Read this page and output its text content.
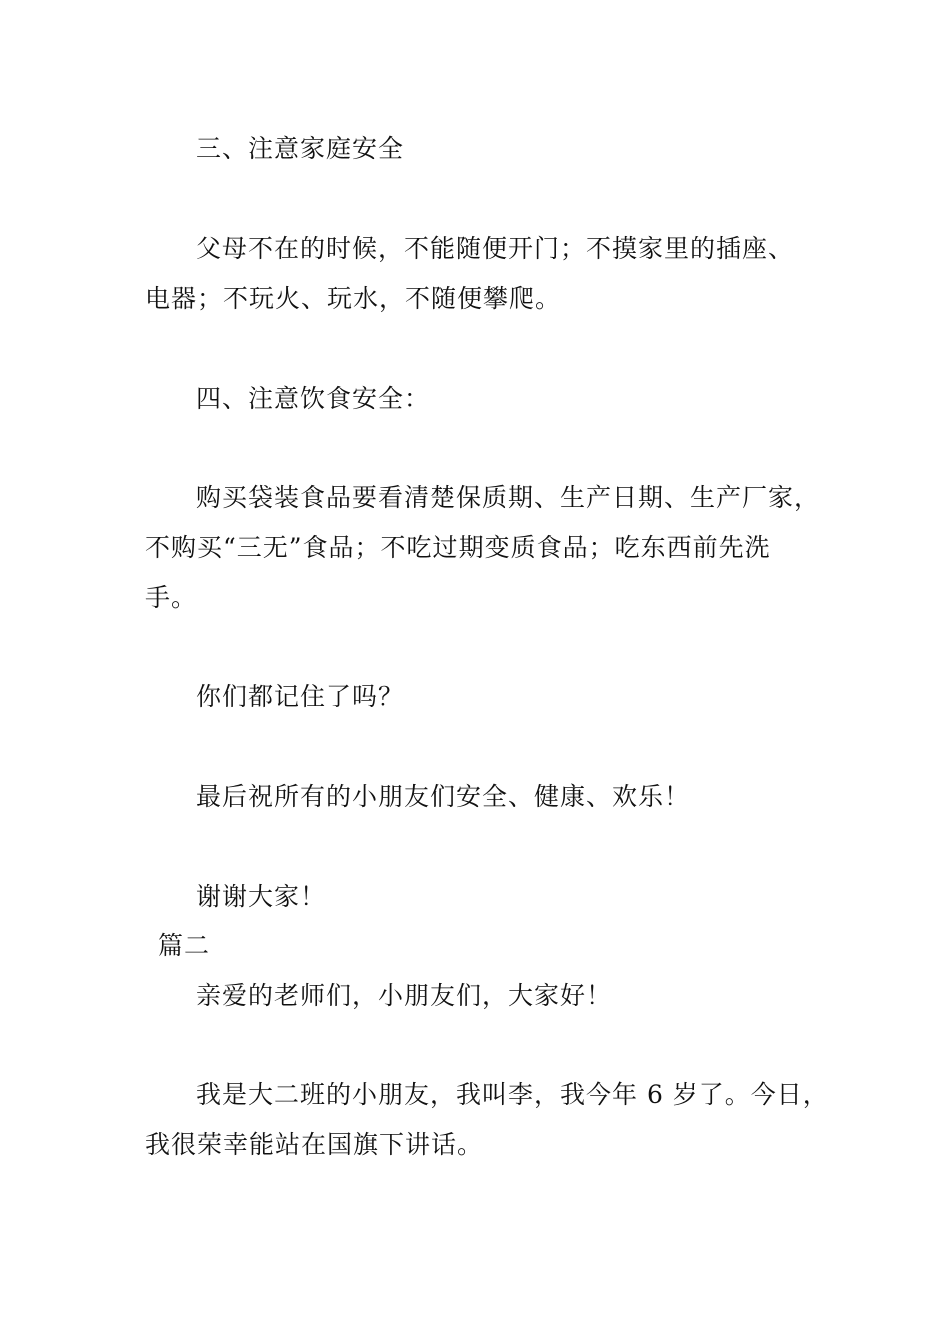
三、注意家庭安全
父母不在的时候，不能随便开门；不摸家里的插座、
电器；不玩火、玩水，不随便攀爬。
四、注意饮食安全：
购买袋装食品要看清楚保质期、生产日期、生产厂家，
不购买“三无”食品；不吃过期变质食品；吃东西前先洗
手。
你们都记住了吗？
最后祝所有的小朋友们安全、健康、欢乐！
谢谢大家！
篇二
亲爱的老师们，小朋友们，大家好！
我是大二班的小朋友，我叫李，我今年 6 岁了。今日，
我很荣幸能站在国旗下讲话。
